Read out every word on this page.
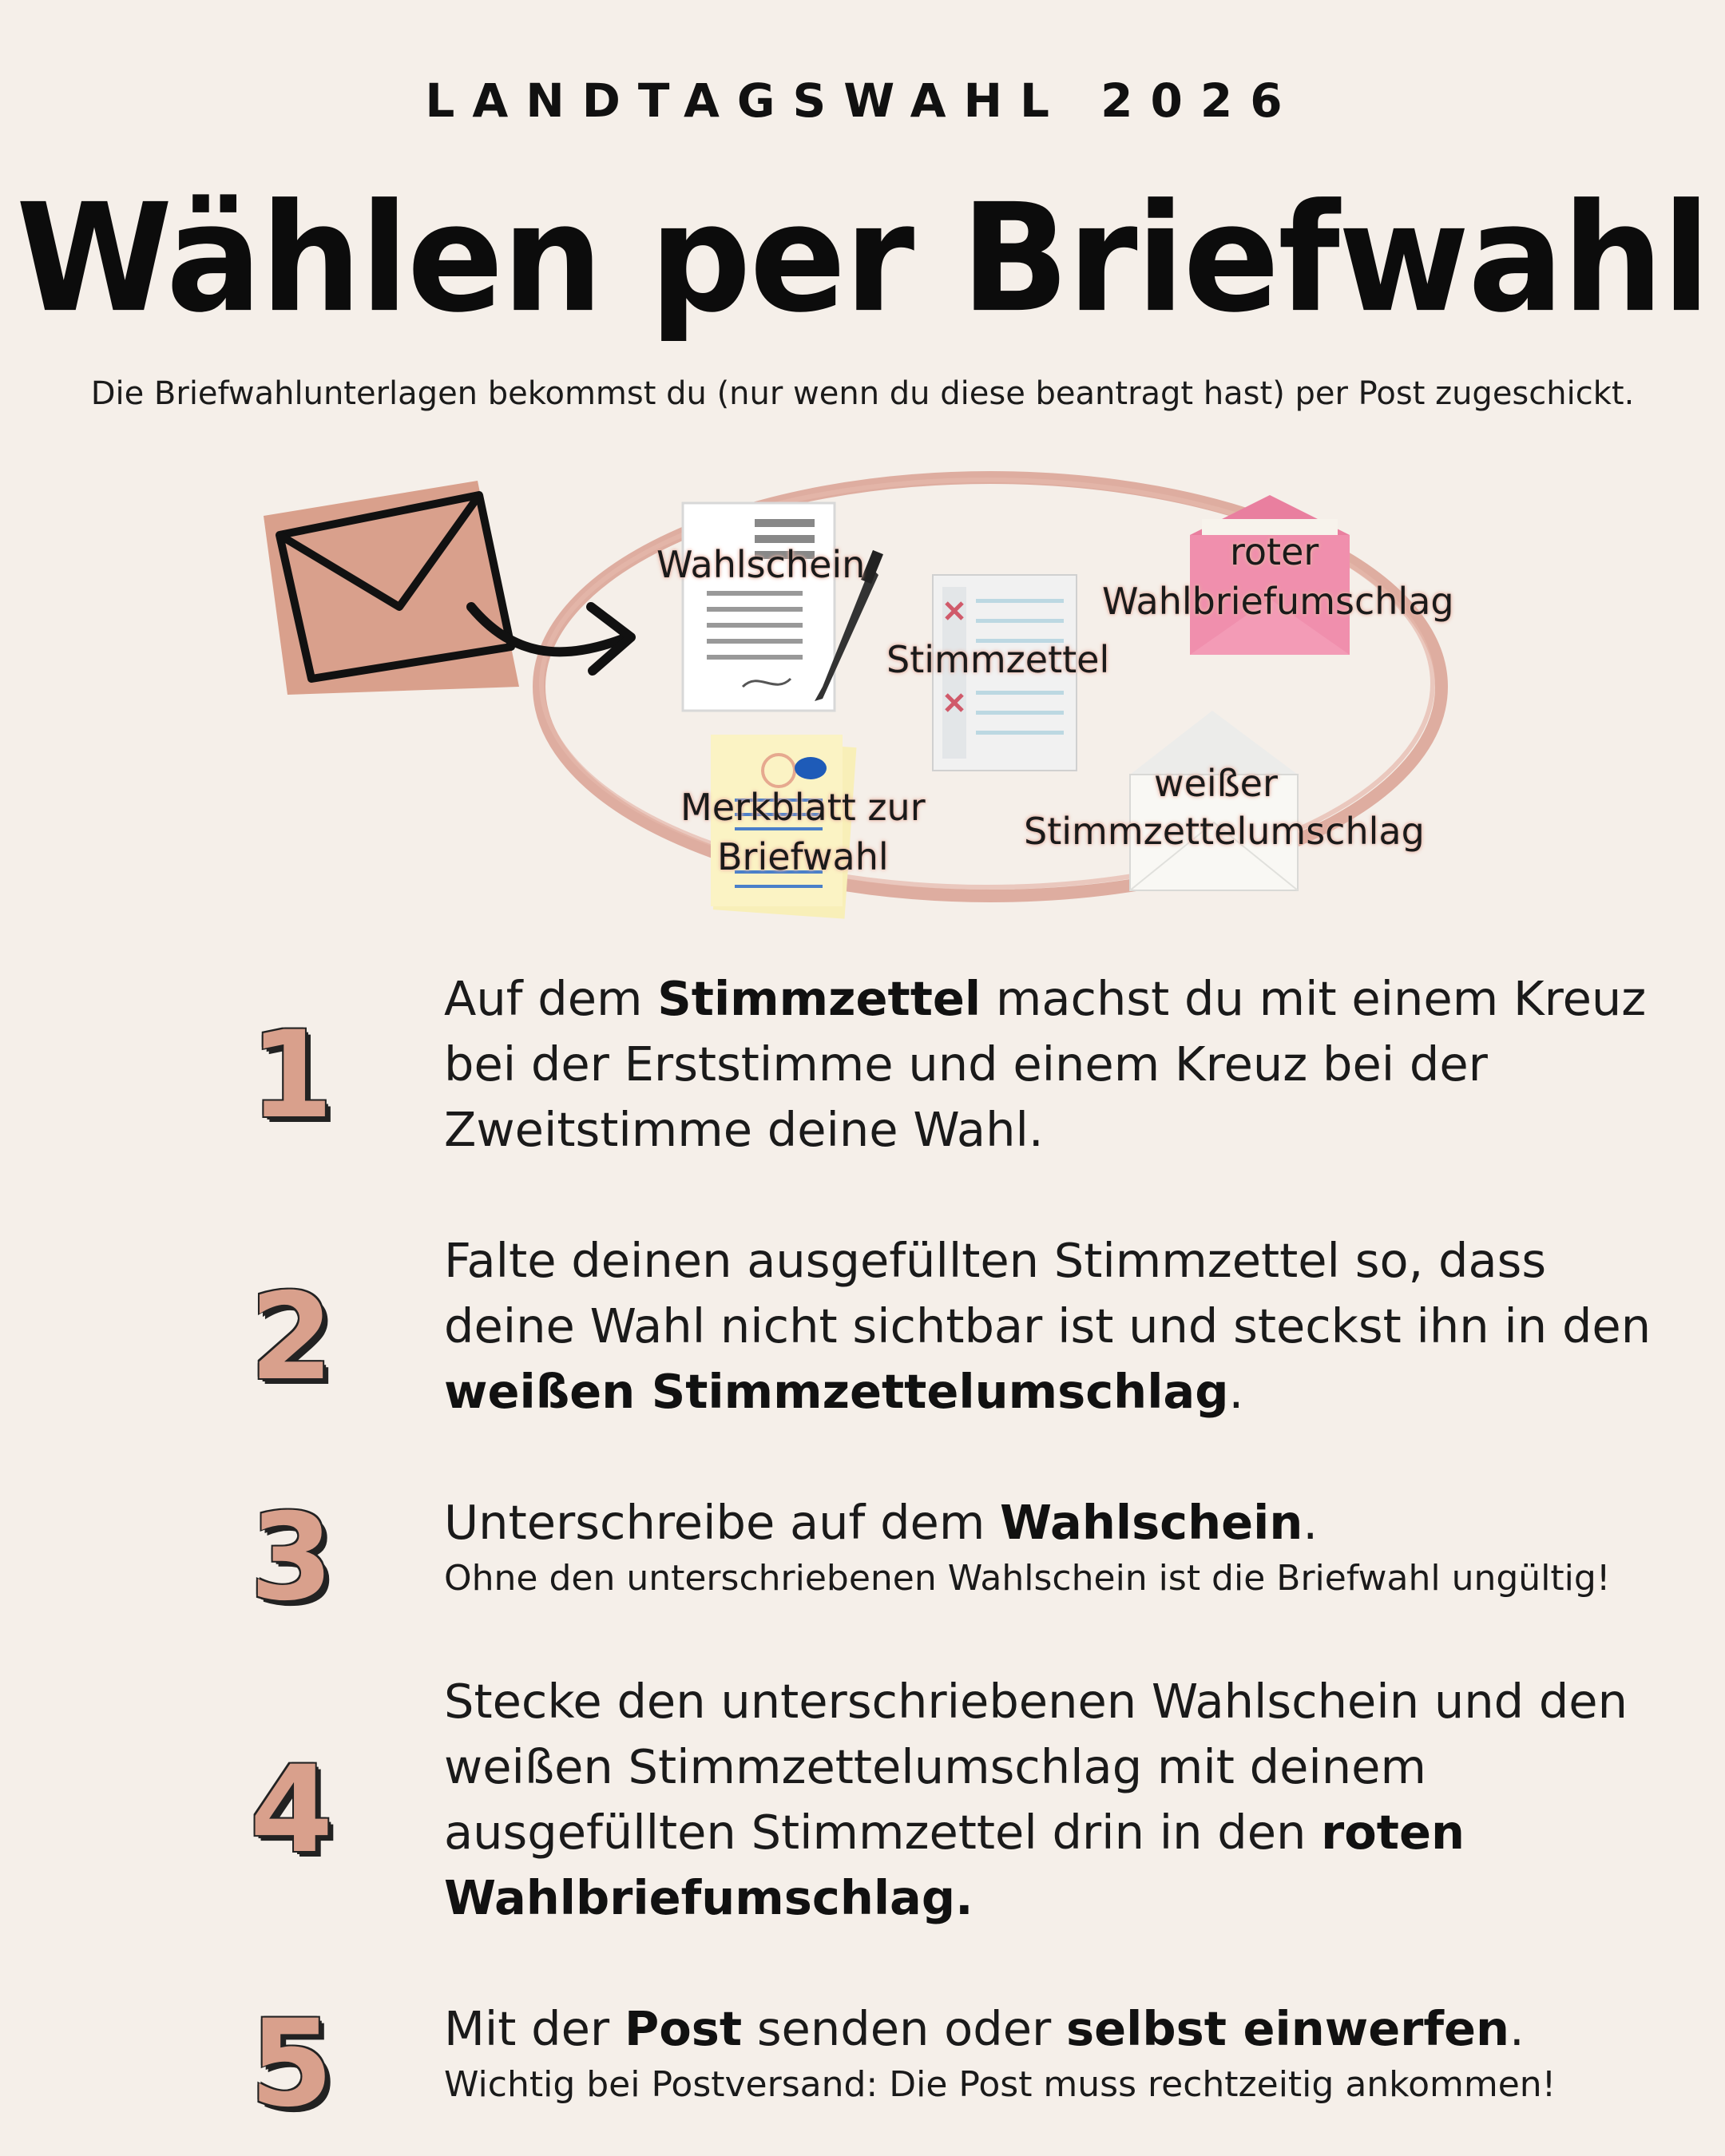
LANDTAGSWAHL 2026
Wählen per Briefwahl
Die Briefwahlunterlagen bekommst du (nur wenn du diese beantragt hast) per Post zugeschickt.
Wahlschein
Stimmzettel
roter
Wahlbriefumschlag
Merkblatt zur
Briefwahl
weißer
Stimmzettelumschlag
1
Auf dem Stimmzettel machst du mit einem Kreuz bei der Erststimme und einem Kreuz bei der Zweitstimme deine Wahl.
2
Falte deinen ausgefüllten Stimmzettel so, dass deine Wahl nicht sichtbar ist und steckst ihn in den weißen Stimmzettelumschlag.
3 Unterschreibe auf dem Wahlschein.
Ohne den unterschriebenen Wahlschein ist die Briefwahl ungültig!
4
Stecke den unterschriebenen Wahlschein und den weißen Stimmzettelumschlag mit deinem ausgefüllten Stimmzettel drin in den roten Wahlbriefumschlag.
5 Mit der Post senden oder selbst einwerfen.
Wichtig bei Postversand: Die Post muss rechtzeitig ankommen!
